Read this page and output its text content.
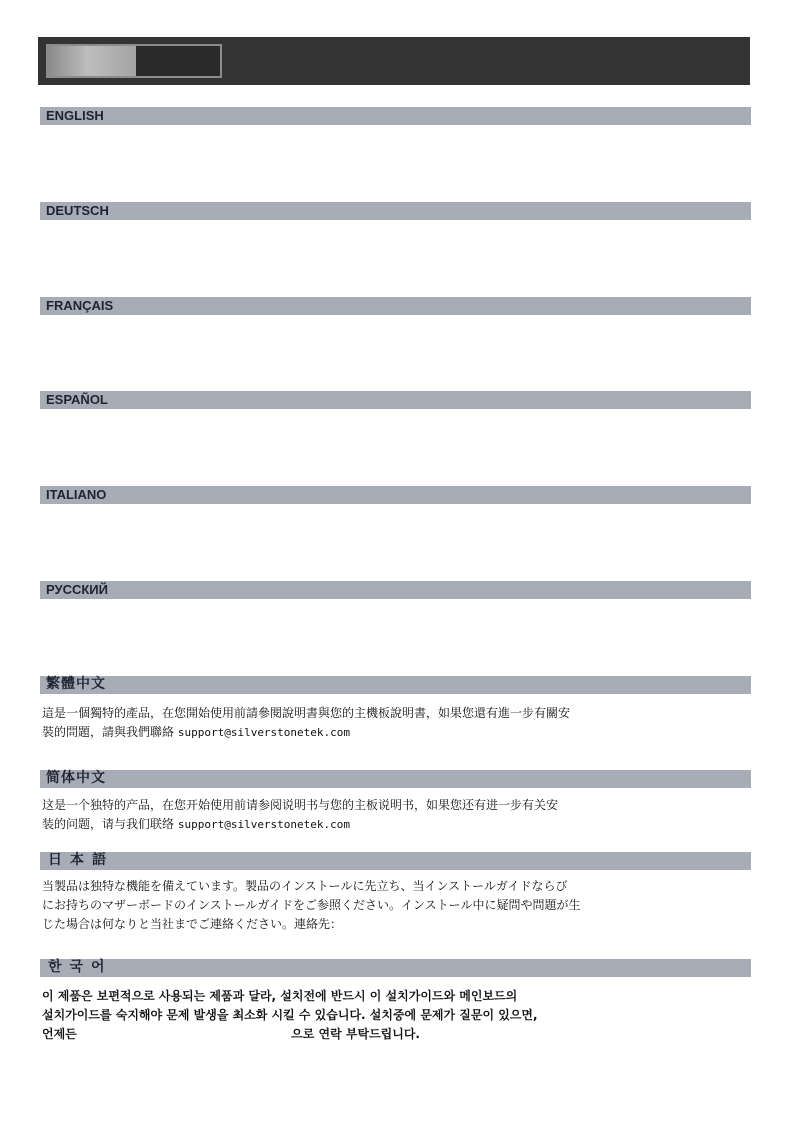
ENGLISH
DEUTSCH
FRANÇAIS
ESPAÑOL
ITALIANO
РУССКИЙ
繁體中文
這是一個獨特的產品，在您開始使用前請參閱說明書與您的主機板說明書，如果您還有進一步有關安
裝的問題，請與我們聯絡 support@silverstonetek.com
简体中文
这是一个独特的产品，在您开始使用前请参阅说明书与您的主板说明书，如果您还有进一步有关安
装的问题，请与我们联络 support@silverstonetek.com
日本語
当製品は独特な機能を備えています。製品のインストールに先立ち、当インストールガイドならび
にお持ちのマザーボードのインストールガイドをご参照ください。インストール中に疑問や問題が生
じた場合は何なりと当社までご連絡ください。連絡先：
한국어
이 제품은 보편적으로 사용되는 제품과 달라, 설치전에 반드시 이 설치가이드와 메인보드의
설치가이드를 숙지해야 문제 발생을 최소화 시킬 수 있습니다. 설치중에 문제가 질문이 있으면,
언제든	으로 연락 부탁드립니다.
